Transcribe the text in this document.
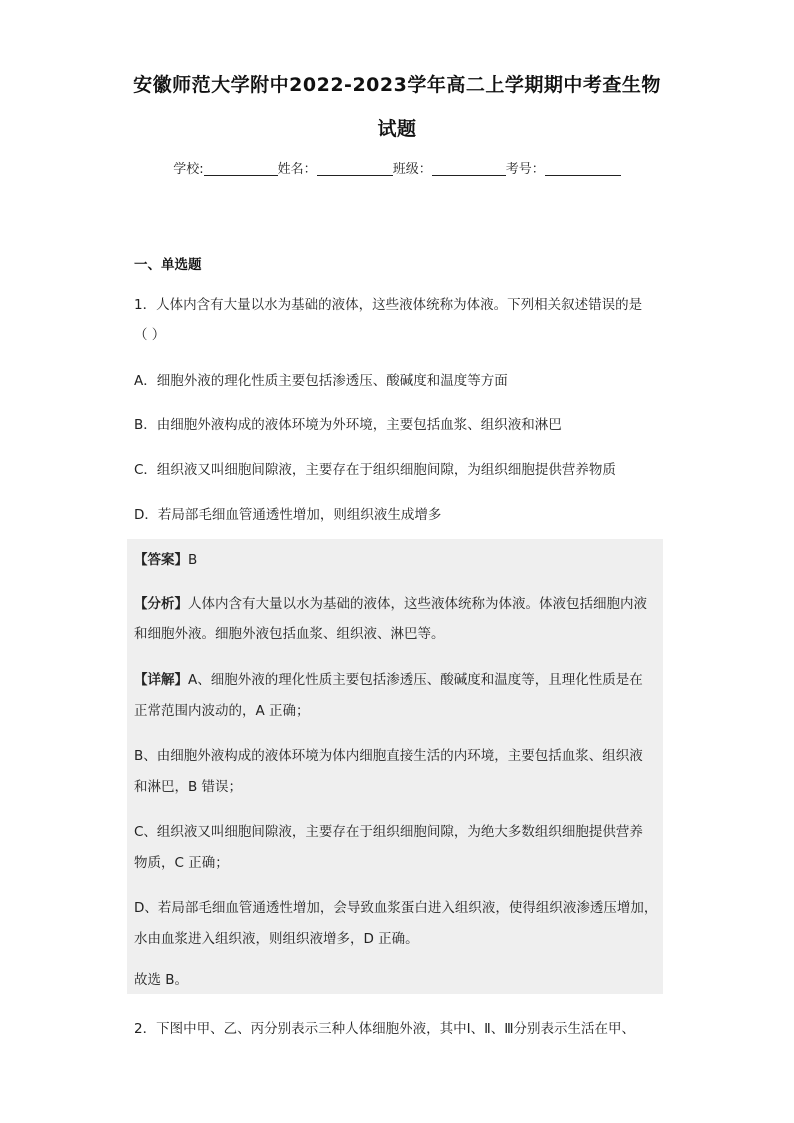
安徽师范大学附中2022-2023学年高二上学期期中考查生物
试题
学校:	姓名：	班级：	考号：
一、单选题
1．人体内含有大量以水为基础的液体，这些液体统称为体液。下列相关叙述错误的是
（ ）
A．细胞外液的理化性质主要包括渗透压、酸碱度和温度等方面
B．由细胞外液构成的液体环境为外环境，主要包括血浆、组织液和淋巴
C．组织液又叫细胞间隙液，主要存在于组织细胞间隙，为组织细胞提供营养物质
D．若局部毛细血管通透性增加，则组织液生成增多
【答案】B
【分析】人体内含有大量以水为基础的液体，这些液体统称为体液。体液包括细胞内液
和细胞外液。细胞外液包括血浆、组织液、淋巴等。
【详解】A、细胞外液的理化性质主要包括渗透压、酸碱度和温度等，且理化性质是在
正常范围内波动的，A 正确；
B、由细胞外液构成的液体环境为体内细胞直接生活的内环境，主要包括血浆、组织液
和淋巴，B 错误；
C、组织液又叫细胞间隙液，主要存在于组织细胞间隙，为绝大多数组织细胞提供营养
物质，C 正确；
D、若局部毛细血管通透性增加，会导致血浆蛋白进入组织液，使得组织液渗透压增加，
水由血浆进入组织液，则组织液增多，D 正确。
故选 B。
2．下图中甲、乙、丙分别表示三种人体细胞外液，其中Ⅰ、Ⅱ、Ⅲ分别表示生活在甲、
